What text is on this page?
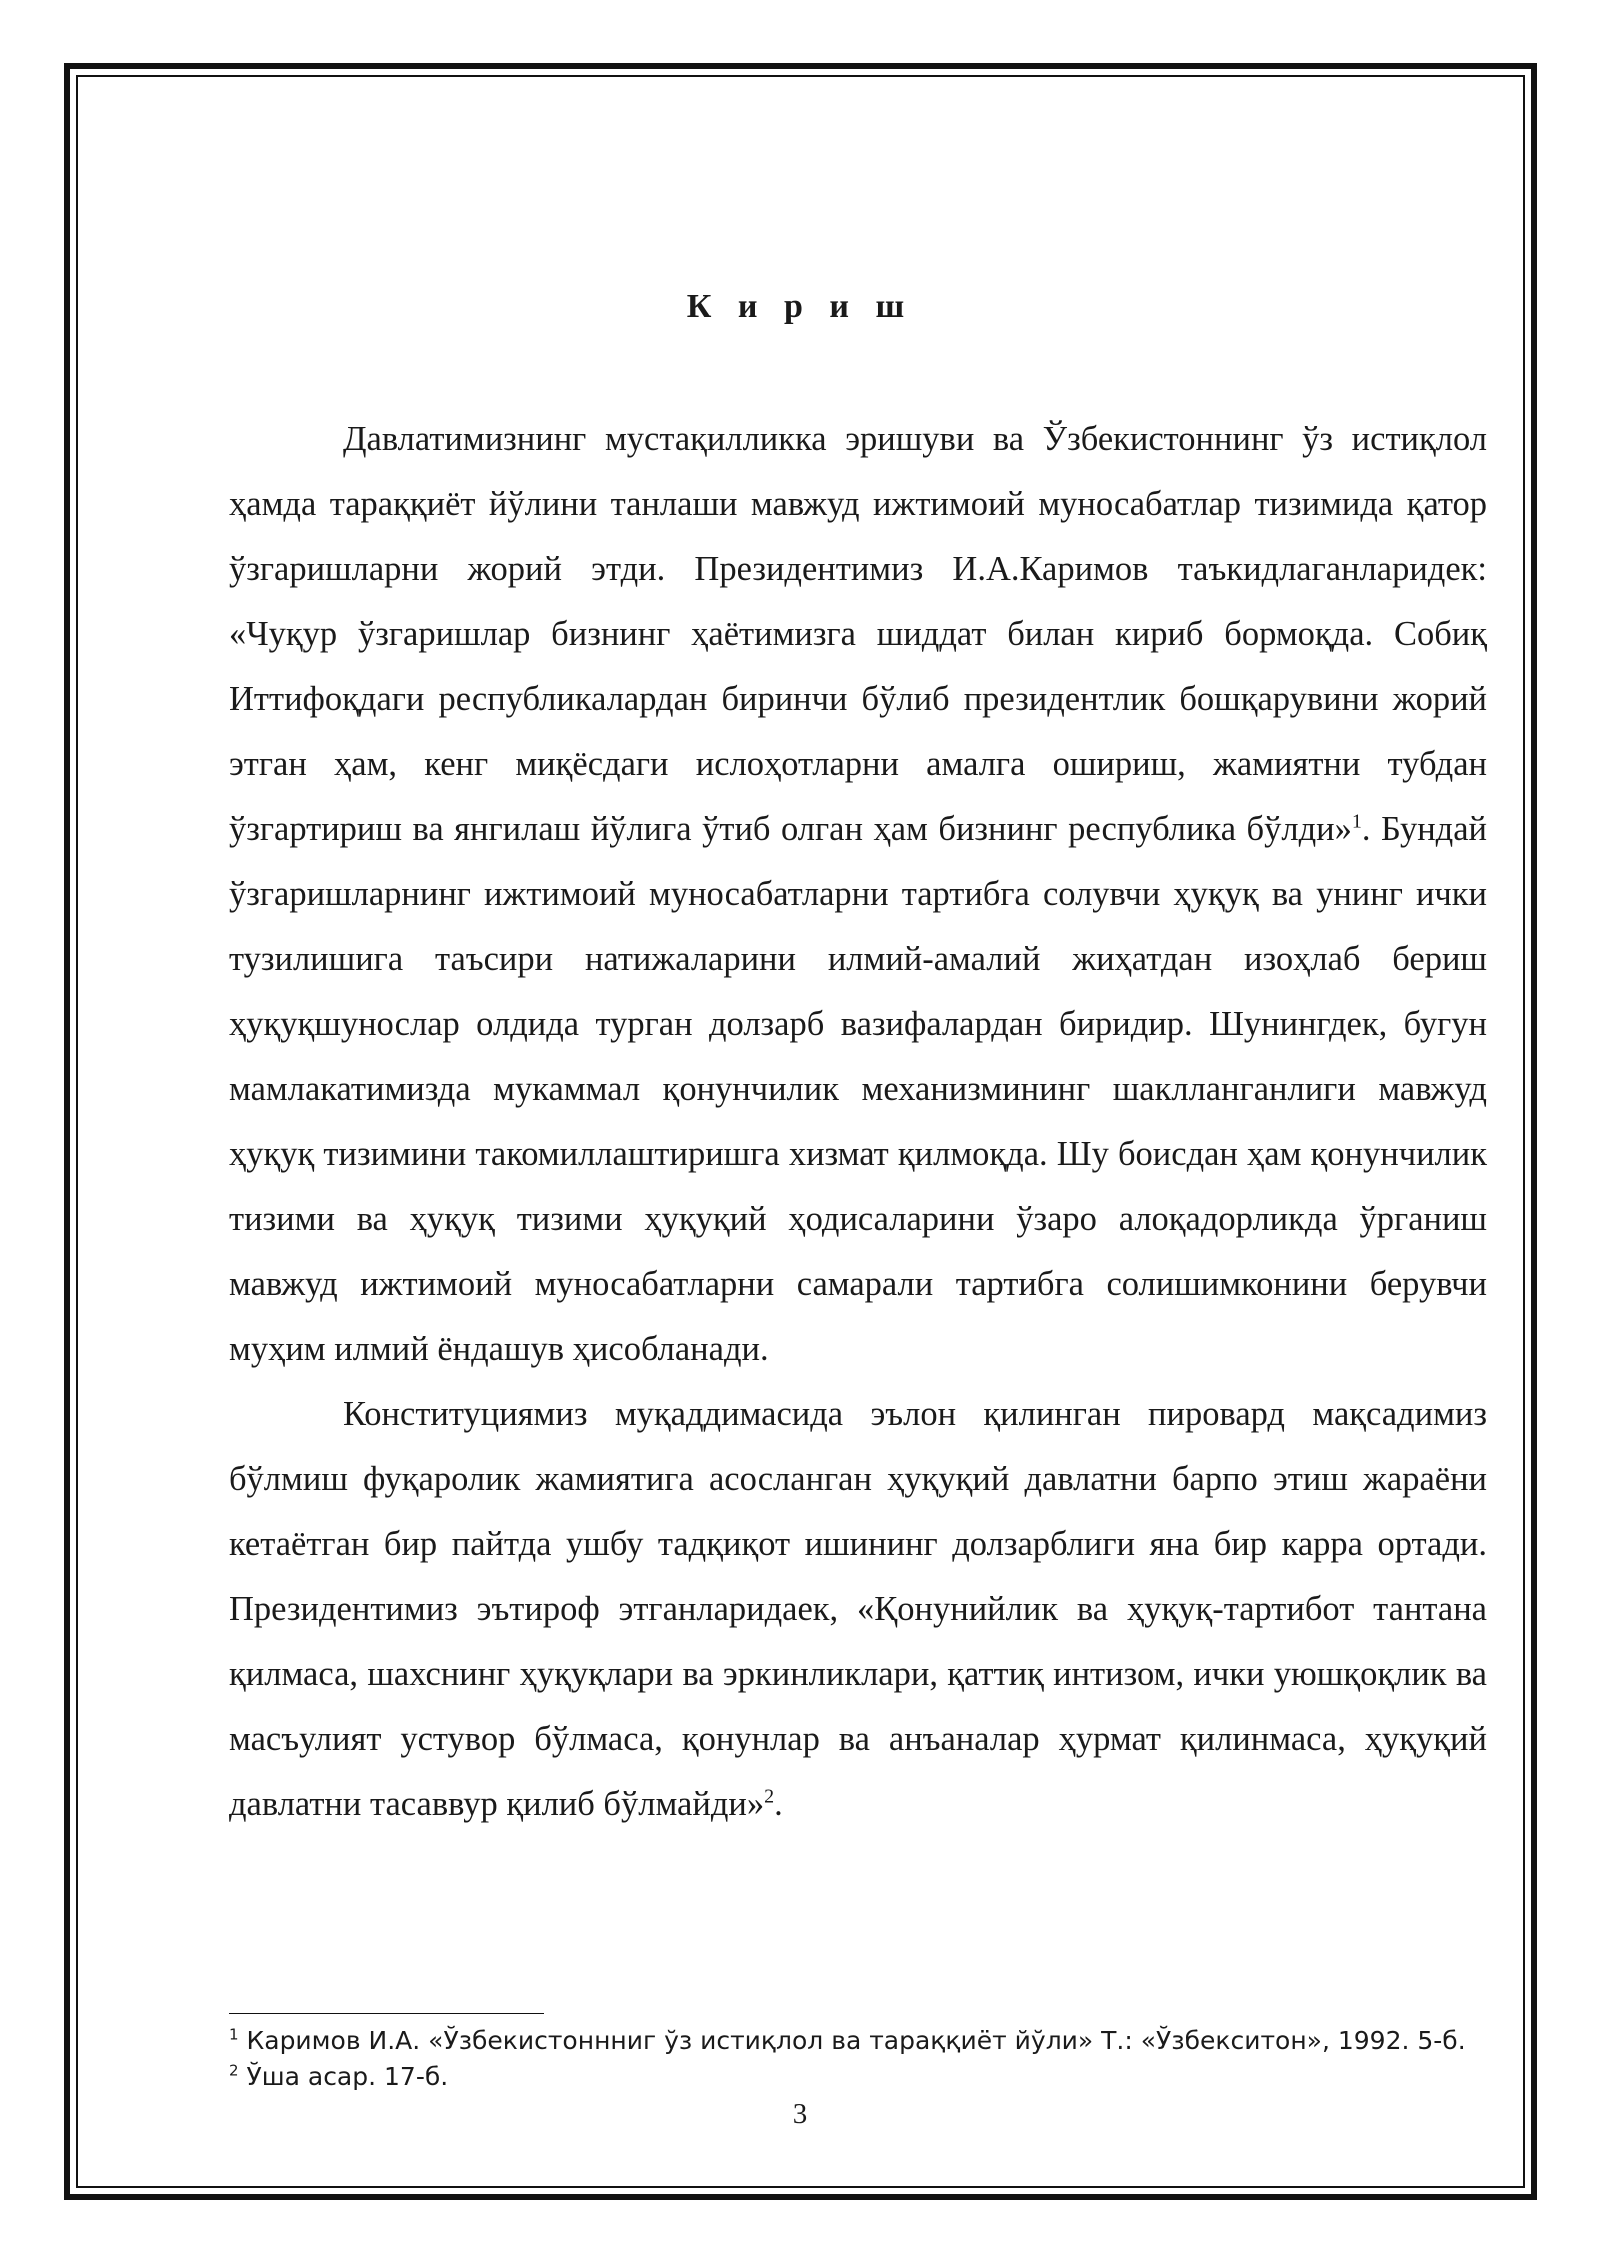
К и р и ш

Давлатимизнинг мустақилликка эришуви ва Ўзбекистоннинг ўз истиқлол ҳамда тараққиёт йўлини танлаши мавжуд ижтимоий муносабатлар тизимида қатор ўзгаришларни жорий этди. Президентимиз И.А.Каримов таъкидлаганларидек: «Чуқур ўзгаришлар бизнинг ҳаётимизга шиддат билан кириб бормоқда. Собиқ Иттифоқдаги республикалардан биринчи бўлиб президентлик бошқарувини жорий этган ҳам, кенг миқёсдаги ислоҳотларни амалга ошириш, жамиятни тубдан ўзгартириш ва янгилаш йўлига ўтиб олган ҳам бизнинг республика бўлди»$^1$. Бундай ўзгаришларнинг ижтимоий муносабатларни тартибга солувчи ҳуқуқ ва унинг ички тузилишига таъсири натижаларини илмий-амалий жиҳатдан изоҳлаб бериш ҳуқуқшунослар олдида турган долзарб вазифалардан биридир. Шунингдек, бугун мамлакатимизда мукаммал қонунчилик механизмининг шаклланганлиги мавжуд ҳуқуқ тизимини такомиллаштиришга хизмат қилмоқда. Шу боисдан ҳам қонунчилик тизими ва ҳуқуқ тизими ҳуқуқий ҳодисаларини ўзаро алоқадорликда ўрганиш мавжуд ижтимоий муносабатларни самарали тартибга солишимконини берувчи муҳим илмий ёндашув ҳисобланади.

Конституциямиз муқаддимасида эълон қилинган пировард мақсадимиз бўлмиш фуқаролик жамиятига асосланган ҳуқуқий давлатни барпо этиш жараёни кетаётган бир пайтда ушбу тадқиқот ишининг долзарблиги яна бир карра ортади. Президентимиз эътироф этганларидаек, «Қонунийлик ва ҳуқуқ-тартибот тантана қилмаса, шахснинг ҳуқуқлари ва эркинликлари, қаттиқ интизом, ички уюшқоқлик ва масъулият устувор бўлмаса, қонунлар ва анъаналар ҳурмат қилинмаса, ҳуқуқий давлатни тасаввур қилиб бўлмайди»$^2$.

$^1$ Каримов И.А. «Ўзбекистоннниг ўз истиқлол ва тараққиёт йўли» Т.: «Ўзбекситон», 1992. 5-б.

$^2$ Ўша асар. 17-б.

3
